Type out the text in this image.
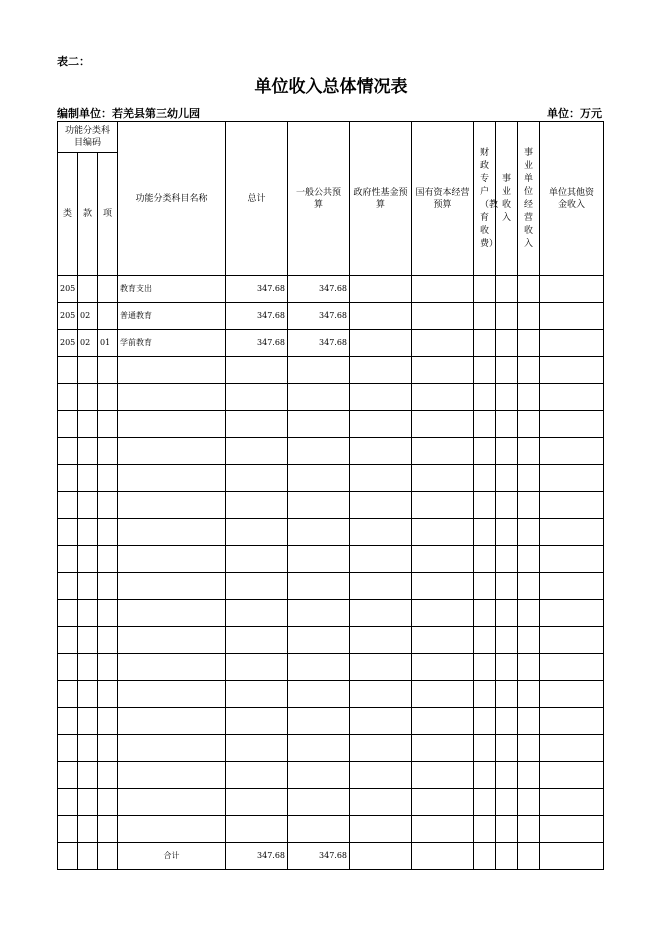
表二：
单位收入总体情况表
编制单位：若羌县第三幼儿园	单位：万元
功能分类科目编码			功能分类科目名称	总计	一般公共预算	政府性基金预算	国有资本经营预算	财政专户（教育收费）	事业收入	事业单位经营收入	单位其他资金收入
类	款	项									
205			教育支出	347.68	347.68						
205	02		普通教育	347.68	347.68						
205	02	01	学前教育	347.68	347.68						

			合计	347.68	347.68						
